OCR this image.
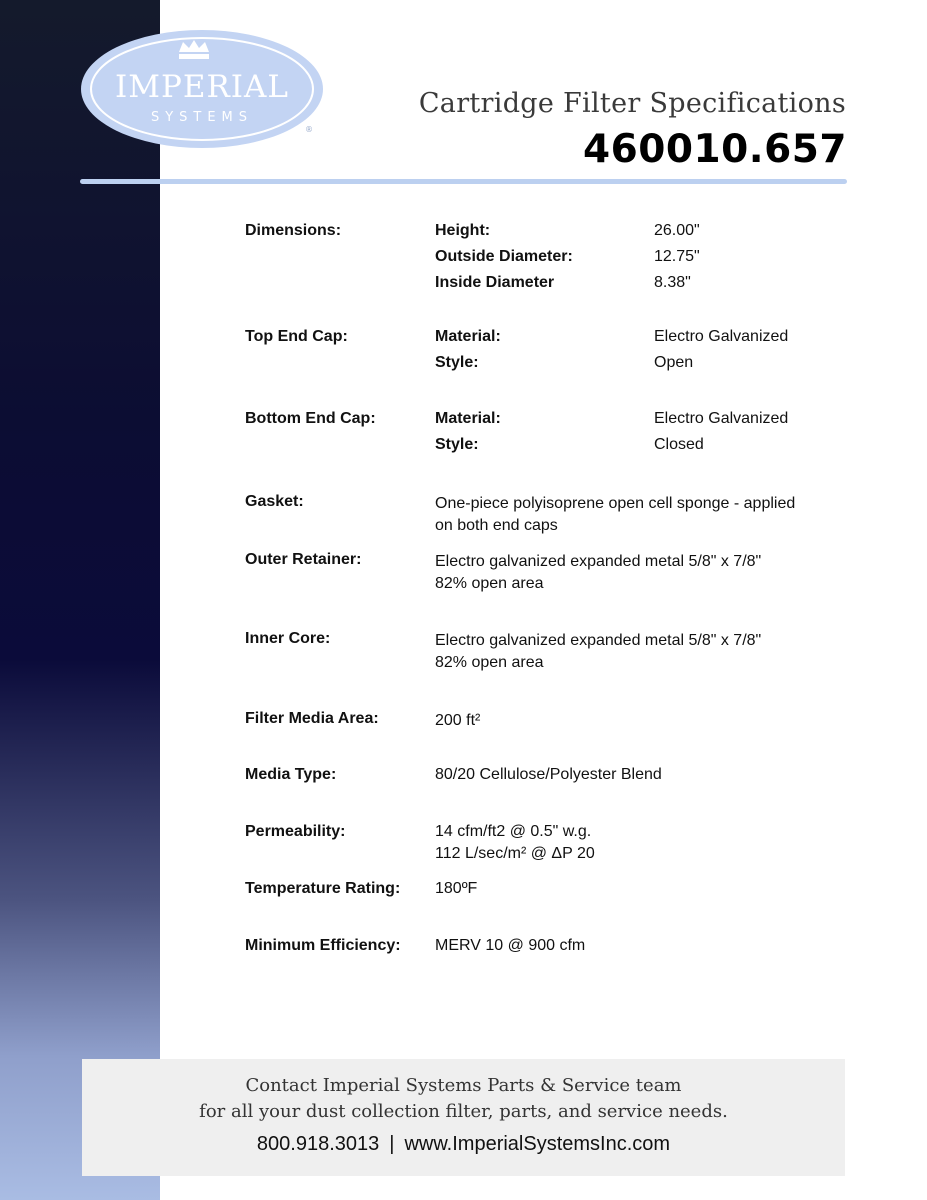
IMPERIAL
SYSTEMS
®
Cartridge Filter Specifications
460010.657
Dimensions:	Height:	26.00"
Outside Diameter:	12.75"
Inside Diameter	8.38"
Top End Cap:	Material:	Electro Galvanized
Style:	Open
Bottom End Cap:	Material:	Electro Galvanized
Style:	Closed
Gasket:	One-piece polyisoprene open cell sponge - applied
on both end caps
Outer Retainer:	Electro galvanized expanded metal 5/8" x 7/8"
82% open area
Inner Core:	Electro galvanized expanded metal 5/8" x 7/8"
82% open area
Filter Media Area:	200 ft²
Media Type:	80/20 Cellulose/Polyester Blend
Permeability:	14 cfm/ft2 @ 0.5" w.g.
112 L/sec/m² @ ΔP 20
Temperature Rating: 180ºF
Minimum Efficiency: MERV 10 @ 900 cfm
Contact Imperial Systems Parts & Service team
for all your dust collection filter, parts, and service needs.
800.918.3013 | www.ImperialSystemsInc.com
